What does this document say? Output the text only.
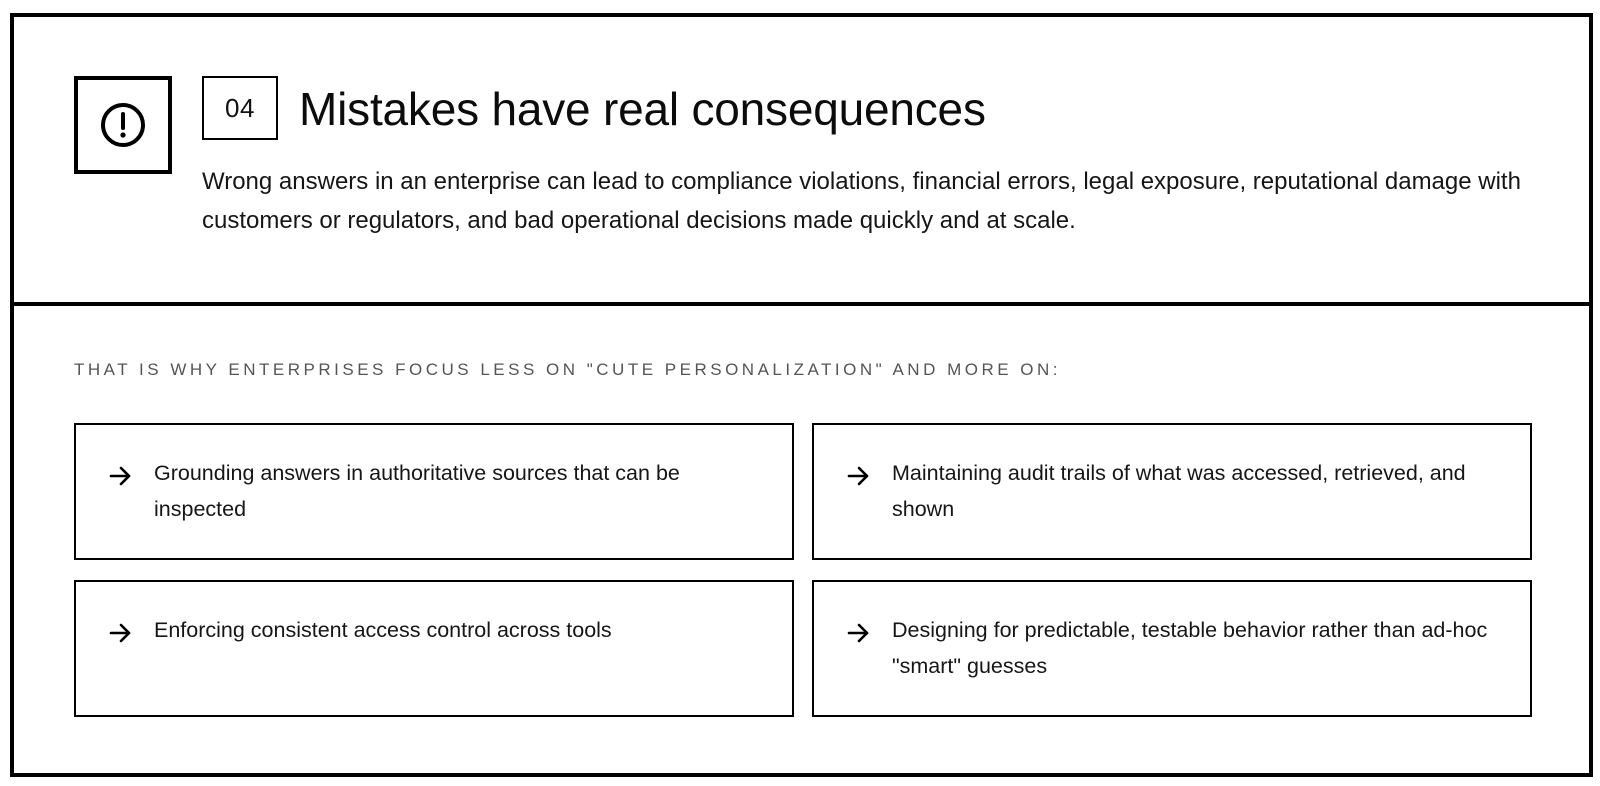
04 Mistakes have real consequences
Wrong answers in an enterprise can lead to compliance violations, financial errors, legal exposure, reputational damage with customers or regulators, and bad operational decisions made quickly and at scale.
THAT IS WHY ENTERPRISES FOCUS LESS ON "CUTE PERSONALIZATION" AND MORE ON:
Grounding answers in authoritative sources that can be inspected
Maintaining audit trails of what was accessed, retrieved, and shown
Enforcing consistent access control across tools	Designing for predictable, testable behavior rather than ad-hoc "smart" guesses
